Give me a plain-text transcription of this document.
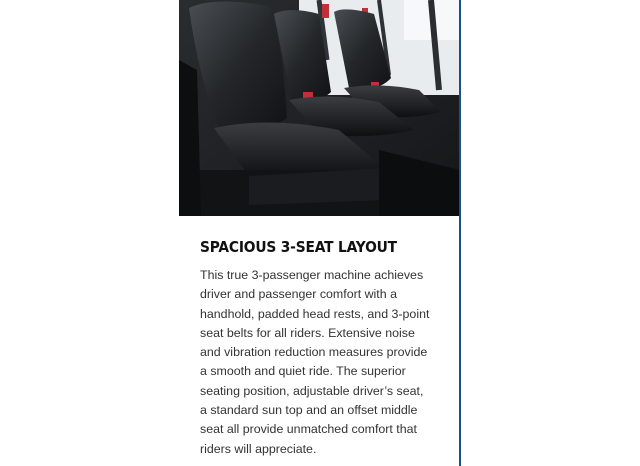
SPACIOUS 3-SEAT LAYOUT

This true 3-passenger machine achieves
driver and passenger comfort with a
handhold, padded head rests, and 3-point
seat belts for all riders. Extensive noise
and vibration reduction measures provide
a smooth and quiet ride. The superior
seating position, adjustable driver’s seat,
a standard sun top and an offset middle
seat all provide unmatched comfort that
riders will appreciate.
